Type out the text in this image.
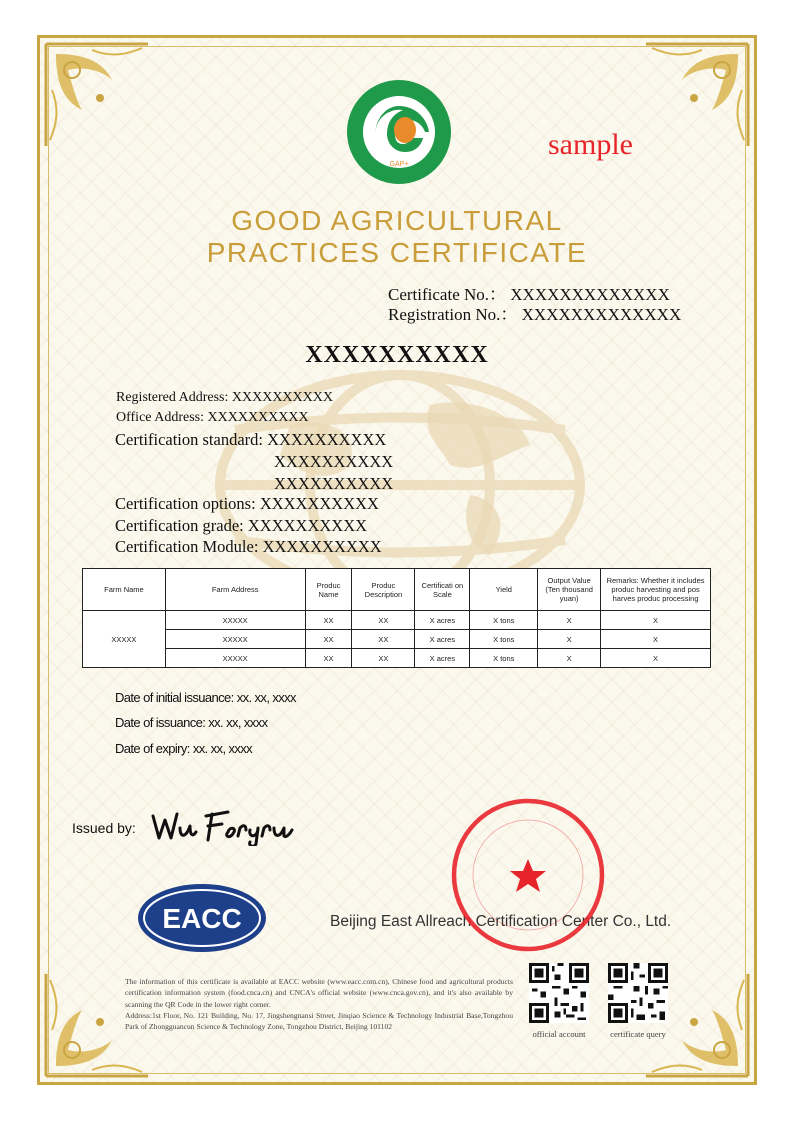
GAP+
sample
GOOD AGRICULTURAL
PRACTICES CERTIFICATE
Certificate No.： XXXXXXXXXXXXX
Registration No.： XXXXXXXXXXXXX
XXXXXXXXXX
Registered Address: XXXXXXXXXX
Office Address: XXXXXXXXXX
Certification standard: XXXXXXXXXX
XXXXXXXXXX
XXXXXXXXXX
Certification options: XXXXXXXXXX
Certification grade: XXXXXXXXXX
Certification Module: XXXXXXXXXX
Farm Name	Farm Address	Produc Name	Produc Description	Certificati on Scale	Yield	Output Value (Ten thousand yuan)	Remarks: Whether it includes produc harvesting and pos harves produc processing
XXXXX	XXXXX	XX	XX	X acres	X tons	X	X
	XXXXX	XX	XX	X acres	X tons	X	X
	XXXXX	XX	XX	X acres	X tons	X	X
Date of initial issuance: xx. xx, xxxx
Date of issuance: xx. xx, xxxx
Date of expiry: xx. xx, xxxx
Issued by:
EACC	Beijing East Allreach Certification Center Co., Ltd.
The information of this certificate is available at EACC website (www.eacc.com.cn), Chinese food and agricultural products certification information system (food.cnca.cn) and CNCA's official website (www.cnca.gov.cn), and it's also available by scanning the QR Code in the lower right corner.
Address:1st Floor, No. 121 Building, No. 17, Jingshengnansi Street, Jinqiao Science & Technology Industrial Base,Tongzhou Park of Zhongguancun Science & Technology Zone, Tongzhou District, Beijing 101102
official account	certificate query
